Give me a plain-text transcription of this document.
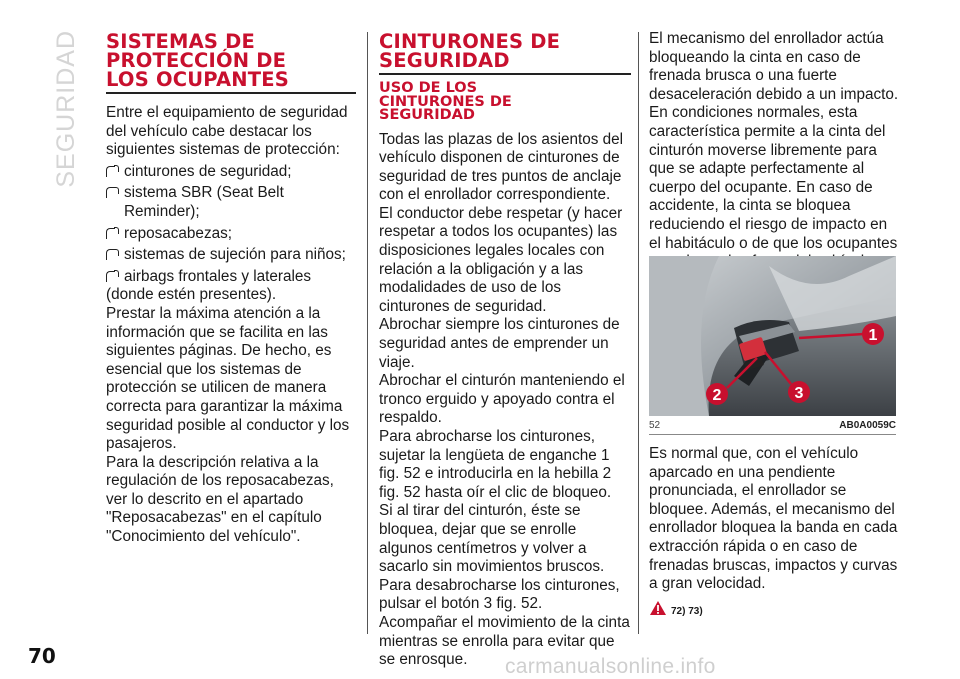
SEGURIDAD SISTEMAS DE
PROTECCIÓN DE
LOS OCUPANTES

Entre el equipamiento de seguridad del vehículo cabe destacar los siguientes sistemas de protección:

cinturones de seguridad;
sistema SBR (Seat Belt Reminder);
reposacabezas;
sistemas de sujeción para niños;
airbags frontales y laterales (donde estén presentes).

Prestar la máxima atención a la información que se facilita en las siguientes páginas. De hecho, es esencial que los sistemas de protección se utilicen de manera correcta para garantizar la máxima seguridad posible al conductor y los pasajeros.

Para la descripción relativa a la regulación de los reposacabezas, ver lo descrito en el apartado "Reposacabezas" en el capítulo "Conocimiento del vehículo".

CINTURONES DE
SEGURIDAD
USO DE LOS
CINTURONES DE
SEGURIDAD

Todas las plazas de los asientos del vehículo disponen de cinturones de seguridad de tres puntos de anclaje con el enrollador correspondiente.

El conductor debe respetar (y hacer respetar a todos los ocupantes) las disposiciones legales locales con relación a la obligación y a las modalidades de uso de los cinturones de seguridad.

Abrochar siempre los cinturones de seguridad antes de emprender un viaje.

Abrochar el cinturón manteniendo el tronco erguido y apoyado contra el respaldo.

Para abrocharse los cinturones, sujetar la lengüeta de enganche 1 fig. 52 e introducirla en la hebilla 2 fig. 52 hasta oír el clic de bloqueo.

Si al tirar del cinturón, éste se bloquea, dejar que se enrolle algunos centímetros y volver a sacarlo sin movimientos bruscos.

Para desabrocharse los cinturones, pulsar el botón 3 fig. 52.

Acompañar el movimiento de la cinta mientras se enrolla para evitar que se enrosque.

El mecanismo del enrollador actúa bloqueando la cinta en caso de frenada brusca o una fuerte desaceleración debido a un impacto. En condiciones normales, esta característica permite a la cinta del cinturón moverse libremente para que se adapte perfectamente al cuerpo del ocupante. En caso de accidente, la cinta se bloquea reduciendo el riesgo de impacto en el habitáculo o de que los ocupantes

1
2	3
52	AB0A0059C

Es normal que, con el vehículo aparcado en una pendiente pronunciada, el enrollador se bloquee. Además, el mecanismo del enrollador bloquea la banda en cada extracción rápida o en caso de frenadas bruscas, impactos y curvas a gran velocidad.

72) 73)
70	carmanualsonline.info
